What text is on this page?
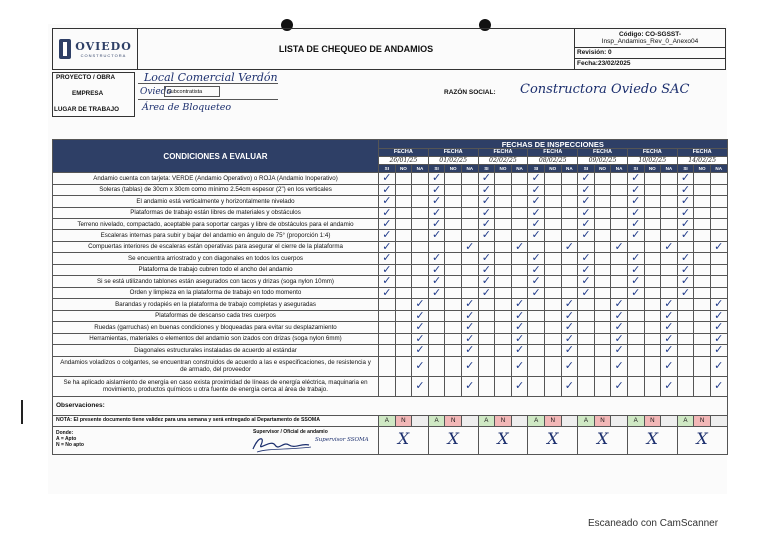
OVIEDO
CONSTRUCTORA
	LISTA DE CHEQUEO DE ANDAMIOS	
Código: CO-SGSST-
Insp_Andamios_Rev_0_Anexo04

Revisión: 0
Fecha:23/02/2025
PROYECTO / OBRA
EMPRESA
LUGAR DE TRABAJO
Local Comercial Verdón
Oviedo
Subcontratista
Área de Bloqueteo
RAZÓN SOCIAL: Constructora Oviedo SAC
CONDICIONES A EVALUAR	FECHAS DE INSPECCIONES																				
	FECHA			FECHA			FECHA			FECHA			FECHA			FECHA			FECHA		
	26/01/25			01/02/25			02/02/25			08/02/25			09/02/25			10/02/25			14/02/25		
	SI	NO	NA	SI	NO	NA	SI	NO	NA	SI	NO	NA	SI	NO	NA	SI	NO	NA	SI	NO	NA
Andamio cuenta con tarjeta: VERDE (Andamio Operativo) o ROJA (Andamio Inoperativo)	✓			✓			✓			✓			✓			✓			✓		
Soleras (tablas) de 30cm x 30cm como mínimo 2.54cm espesor (2") en los verticales	✓			✓			✓			✓			✓			✓			✓		
El andamio está verticalmente y horizontalmente nivelado	✓			✓			✓			✓			✓			✓			✓		
Plataformas de trabajo están libres de materiales y obstáculos	✓			✓			✓			✓			✓			✓			✓		
Terreno nivelado, compactado, aceptable para soportar cargas y libre de obstáculos para el andamio	✓			✓			✓			✓			✓			✓			✓		
Escaleras internas para subir y bajar del andamio en ángulo de 75° (proporción 1:4)	✓			✓			✓			✓			✓			✓			✓		
Compuertas interiores de escaleras están operativas para asegurar el cierre de la plataforma	✓					✓			✓			✓			✓			✓			✓
Se encuentra arriostrado y con diagonales en todos los cuerpos	✓			✓			✓			✓			✓			✓			✓		
Plataforma de trabajo cubren todo el ancho del andamio	✓			✓			✓			✓			✓			✓			✓		
Si se está utilizando tablones están asegurados con tacos y drizas (soga nylon 10mm)	✓			✓			✓			✓			✓			✓			✓		
Orden y limpieza en la plataforma de trabajo en todo momento	✓			✓			✓			✓			✓			✓			✓		
Barandas y rodapiés en la plataforma de trabajo completas y aseguradas			✓			✓			✓			✓			✓			✓			✓
Plataformas de descanso cada tres cuerpos			✓			✓			✓			✓			✓			✓			✓
Ruedas (garruchas) en buenas condiciones y bloqueadas para evitar su desplazamiento			✓			✓			✓			✓			✓			✓			✓
Herramientas, materiales o elementos del andamio son izados con drizas (soga nylon 6mm)			✓			✓			✓			✓			✓			✓			✓
Diagonales estructurales instaladas de acuerdo al estándar			✓			✓			✓			✓			✓			✓			✓
Andamios voladizos o colgantes, se encuentran construidos de acuerdo a las e especificaciones, de resistencia y de armado, del proveedor			✓			✓			✓			✓			✓			✓			✓
Se ha aplicado aislamiento de energía en caso exista proximidad de líneas de energía eléctrica, maquinaria en movimiento, productos químicos u otra fuente de energía cerca al área de trabajo.			✓			✓			✓			✓			✓			✓			✓
Observaciones:																					
NOTA: El presente documento tiene validez para una semana y será entregado al Departamento de SSOMA	A	N		A	N		A	N		A	N		A	N		A	N		A	N	

Donde:
A = Apto
N = No apto
Supervisor / Oficial de andamio
Supervisor SSOMA	X			X			X			X			X			X			X		
Escaneado con CamScanner
